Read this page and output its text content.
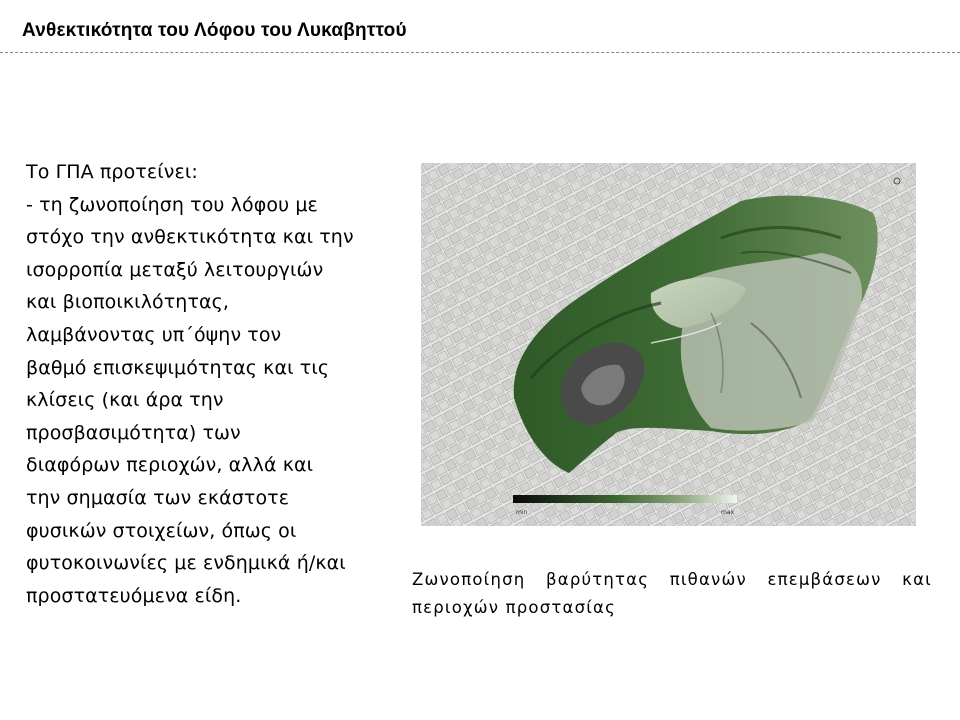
Ανθεκτικότητα του Λόφου του Λυκαβηττού
Το ΓΠΑ προτείνει:
- τη ζωνοποίηση του λόφου με
στόχο την ανθεκτικότητα και την
ισορροπία μεταξύ λειτουργιών
και βιοποικιλότητας,
λαμβάνοντας υπ΄όψην τον
βαθμό επισκεψιμότητας και τις
κλίσεις (και άρα την
προσβασιμότητα) των
διαφόρων περιοχών, αλλά και
την σημασία των εκάστοτε
φυσικών στοιχείων, όπως οι
φυτοκοινωνίες με ενδημικά ή/και
προστατευόμενα είδη.
min	max
Ζωνοποίηση βαρύτητας πιθανών επεμβάσεων και
περιοχών προστασίας
